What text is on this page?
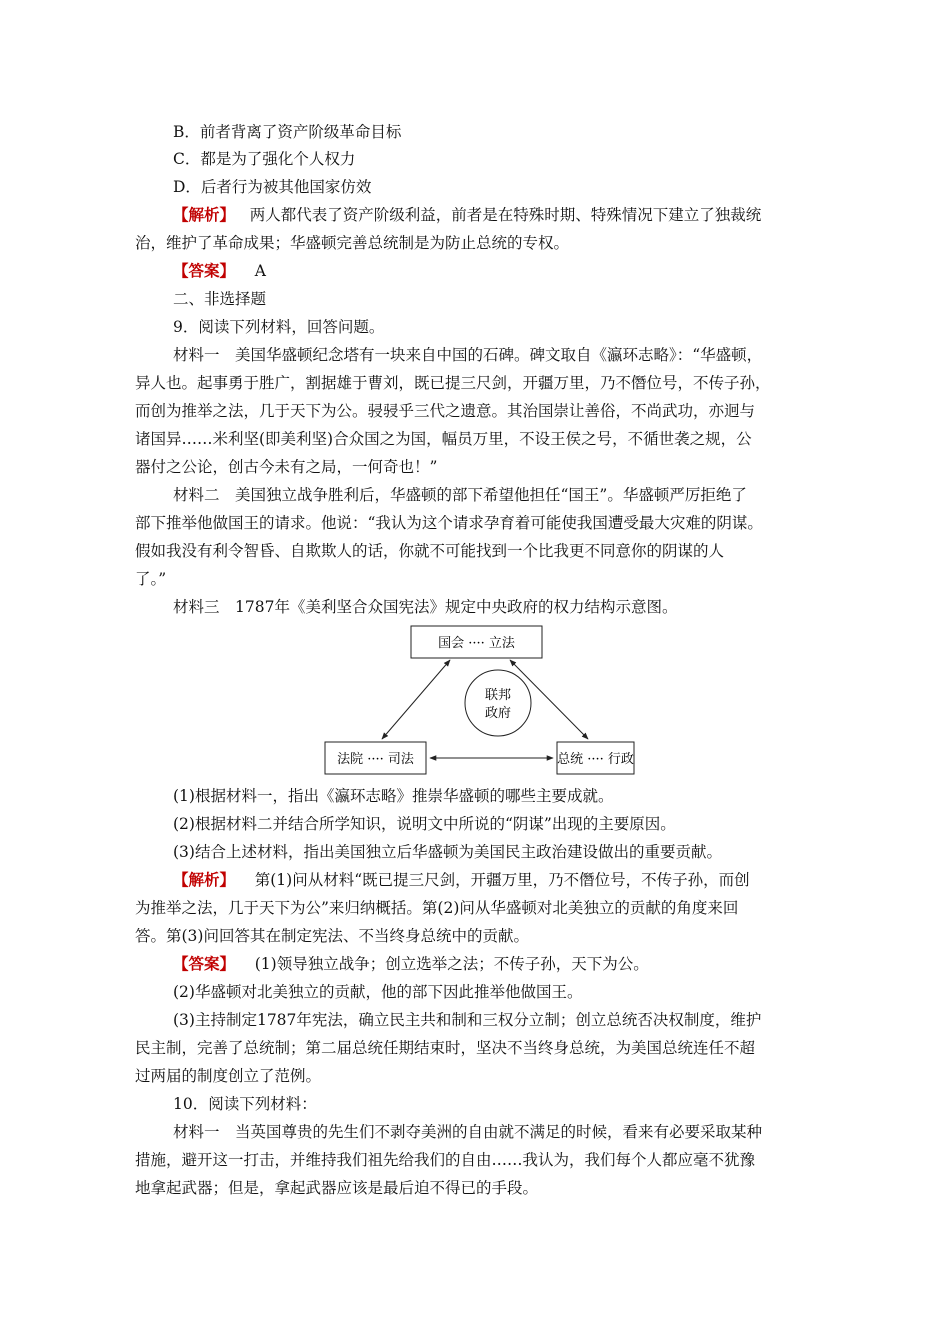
B．前者背离了资产阶级革命目标
C．都是为了强化个人权力
D．后者行为被其他国家仿效
【解析】 两人都代表了资产阶级利益，前者是在特殊时期、特殊情况下建立了独裁统
治，维护了革命成果；华盛顿完善总统制是为防止总统的专权。
【答案】 A
二、非选择题
9．阅读下列材料，回答问题。
材料一　美国华盛顿纪念塔有一块来自中国的石碑。碑文取自《瀛环志略》：“华盛顿，
异人也。起事勇于胜广，割据雄于曹刘，既已提三尺剑，开疆万里，乃不僭位号，不传子孙，
而创为推举之法，几于天下为公。骎骎乎三代之遗意。其治国崇让善俗，不尚武功，亦迥与
诸国异……米利坚(即美利坚)合众国之为国，幅员万里，不设王侯之号，不循世袭之规，公
器付之公论，创古今未有之局，一何奇也！”
材料二　美国独立战争胜利后，华盛顿的部下希望他担任“国王”。华盛顿严厉拒绝了
部下推举他做国王的请求。他说：“我认为这个请求孕育着可能使我国遭受最大灾难的阴谋。
假如我没有利令智昏、自欺欺人的话，你就不可能找到一个比我更不同意你的阴谋的人
了。”
材料三　1787年《美利坚合众国宪法》规定中央政府的权力结构示意图。
国会 ···· 立法
法院 ···· 司法	总统 ···· 行政
联邦
政府
(1)根据材料一，指出《瀛环志略》推崇华盛顿的哪些主要成就。
(2)根据材料二并结合所学知识，说明文中所说的“阴谋”出现的主要原因。
(3)结合上述材料，指出美国独立后华盛顿为美国民主政治建设做出的重要贡献。
【解析】 第(1)问从材料“既已提三尺剑，开疆万里，乃不僭位号，不传子孙，而创
为推举之法，几于天下为公”来归纳概括。第(2)问从华盛顿对北美独立的贡献的角度来回
答。第(3)问回答其在制定宪法、不当终身总统中的贡献。
【答案】 (1)领导独立战争；创立选举之法；不传子孙，天下为公。
(2)华盛顿对北美独立的贡献，他的部下因此推举他做国王。
(3)主持制定1787年宪法，确立民主共和制和三权分立制；创立总统否决权制度，维护
民主制，完善了总统制；第二届总统任期结束时，坚决不当终身总统，为美国总统连任不超
过两届的制度创立了范例。
10．阅读下列材料：
材料一　当英国尊贵的先生们不剥夺美洲的自由就不满足的时候，看来有必要采取某种
措施，避开这一打击，并维持我们祖先给我们的自由……我认为，我们每个人都应毫不犹豫
地拿起武器；但是，拿起武器应该是最后迫不得已的手段。
